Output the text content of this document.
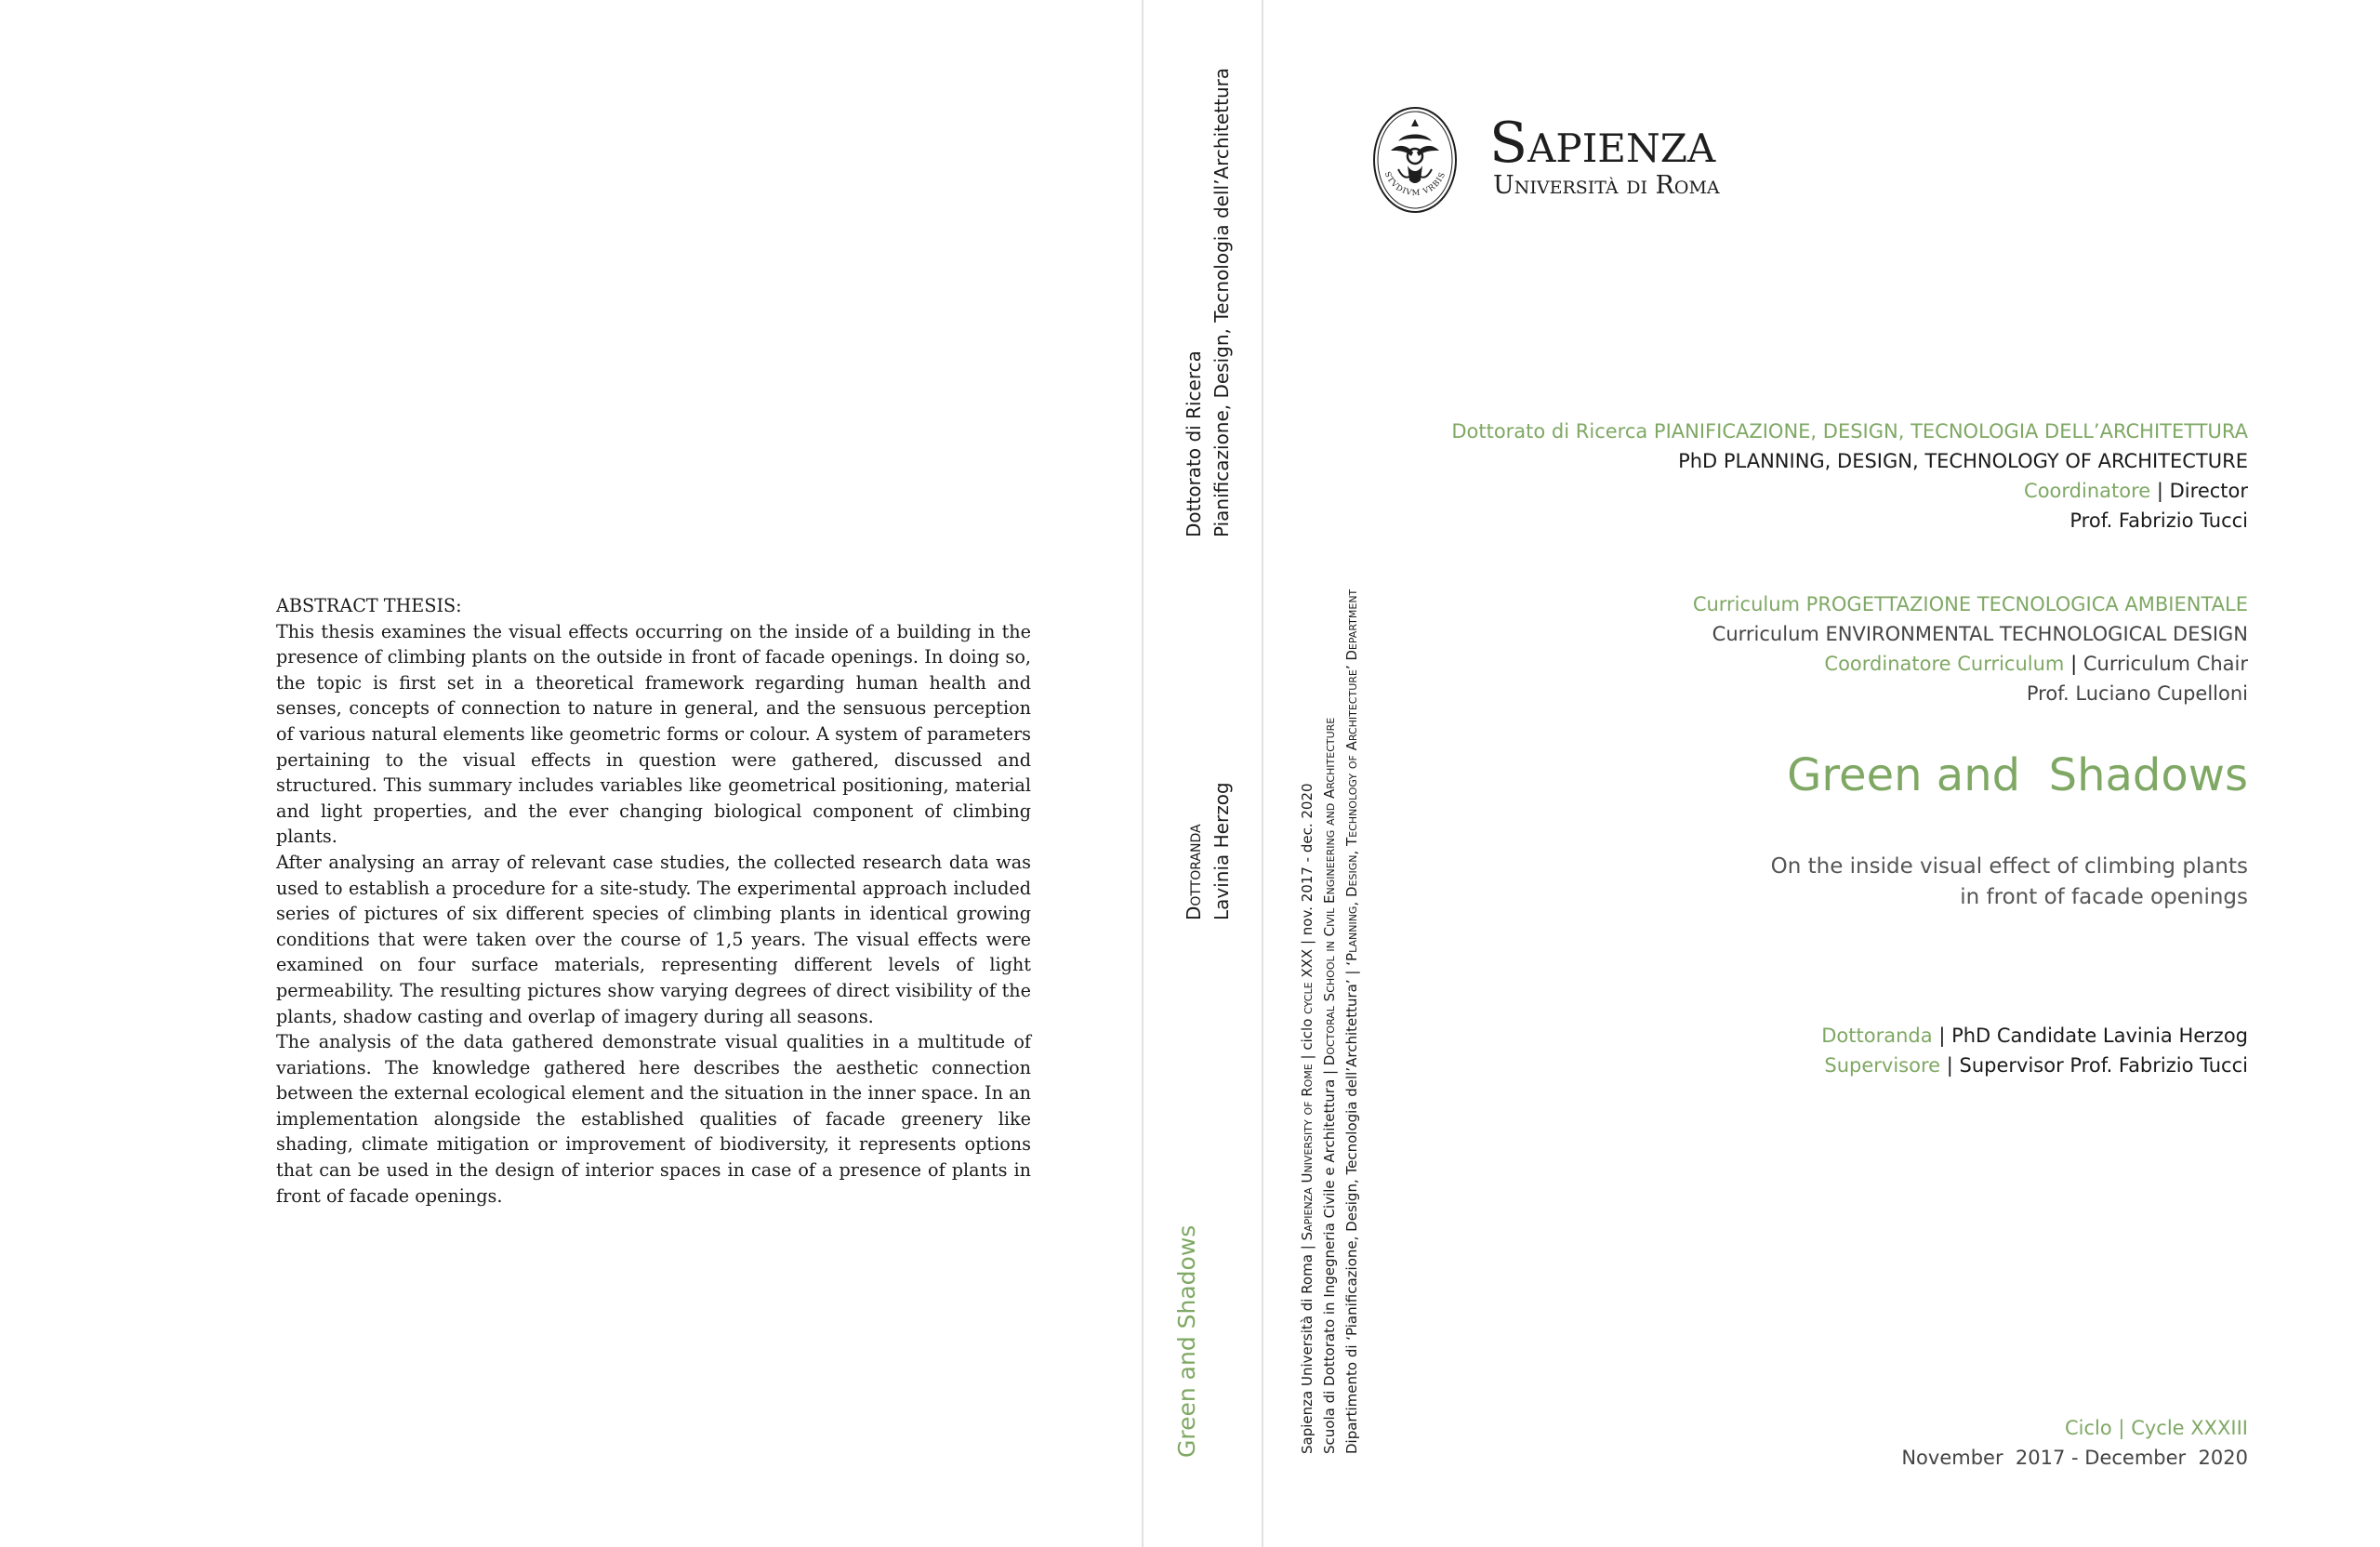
ABSTRACT THESIS:

This thesis examines the visual effects occurring on the inside of a building in the presence of climbing plants on the outside in front of facade openings. In doing so, the topic is first set in a theoretical framework regarding human health and senses, concepts of connection to nature in general, and the sensuous perception of various natural elements like geometric forms or colour. A system of parameters pertaining to the visual effects in question were gathered, discussed and structured. This summary includes variables like geometrical positioning, material and light properties, and the ever changing biological component of climbing plants.

After analysing an array of relevant case studies, the collected research data was used to establish a procedure for a site-study. The experimental approach included series of pictures of six different species of climbing plants in identical growing conditions that were taken over the course of 1,5 years. The visual effects were examined on four surface materials, representing different levels of light permeability. The resulting pictures show varying degrees of direct visibility of the plants, shadow casting and overlap of imagery during all seasons.

The analysis of the data gathered demonstrate visual qualities in a multitude of variations. The knowledge gathered here describes the aesthetic connection between the external ecological element and the situation in the inner space. In an implementation alongside the established qualities of facade greenery like shading, climate mitigation or improvement of biodiversity, it represents options that can be used in the design of interior spaces in case of a presence of plants in front of facade openings.

Dottorato di Ricerca Pianificazione, Design, Tecnologia dell’Architettura
Dottoranda Lavinia Herzog
Green and Shadows	Sapienza Università di Roma | Sapienza University of Rome | ciclo cycle XXX | nov. 2017 - dec. 2020
Scuola di Dottorato in Ingegneria Civile e Architettura | Doctoral School in Civil Engineering and Architecture
Dipartimento di ‘Pianificazione, Design, Tecnologia dell’Architettura’ | ‘Planning, Design, Technology of Architecture’ Department
STVDIVM VRBIS Sapienza
Università di Roma
Dottorato di Ricerca PIANIFICAZIONE, DESIGN, TECNOLOGIA DELL’ARCHITETTURA
PhD PLANNING, DESIGN, TECHNOLOGY OF ARCHITECTURE
Coordinatore | Director
Prof. Fabrizio Tucci
Curriculum PROGETTAZIONE TECNOLOGICA AMBIENTALE
Curriculum ENVIRONMENTAL TECHNOLOGICAL DESIGN
Coordinatore Curriculum | Curriculum Chair
Prof. Luciano Cupelloni
Green and  Shadows
On the inside visual effect of climbing plants
in front of facade openings
Dottoranda | PhD Candidate Lavinia Herzog
Supervisore | Supervisor Prof. Fabrizio Tucci
Ciclo | Cycle XXXIII
November  2017 - December  2020
